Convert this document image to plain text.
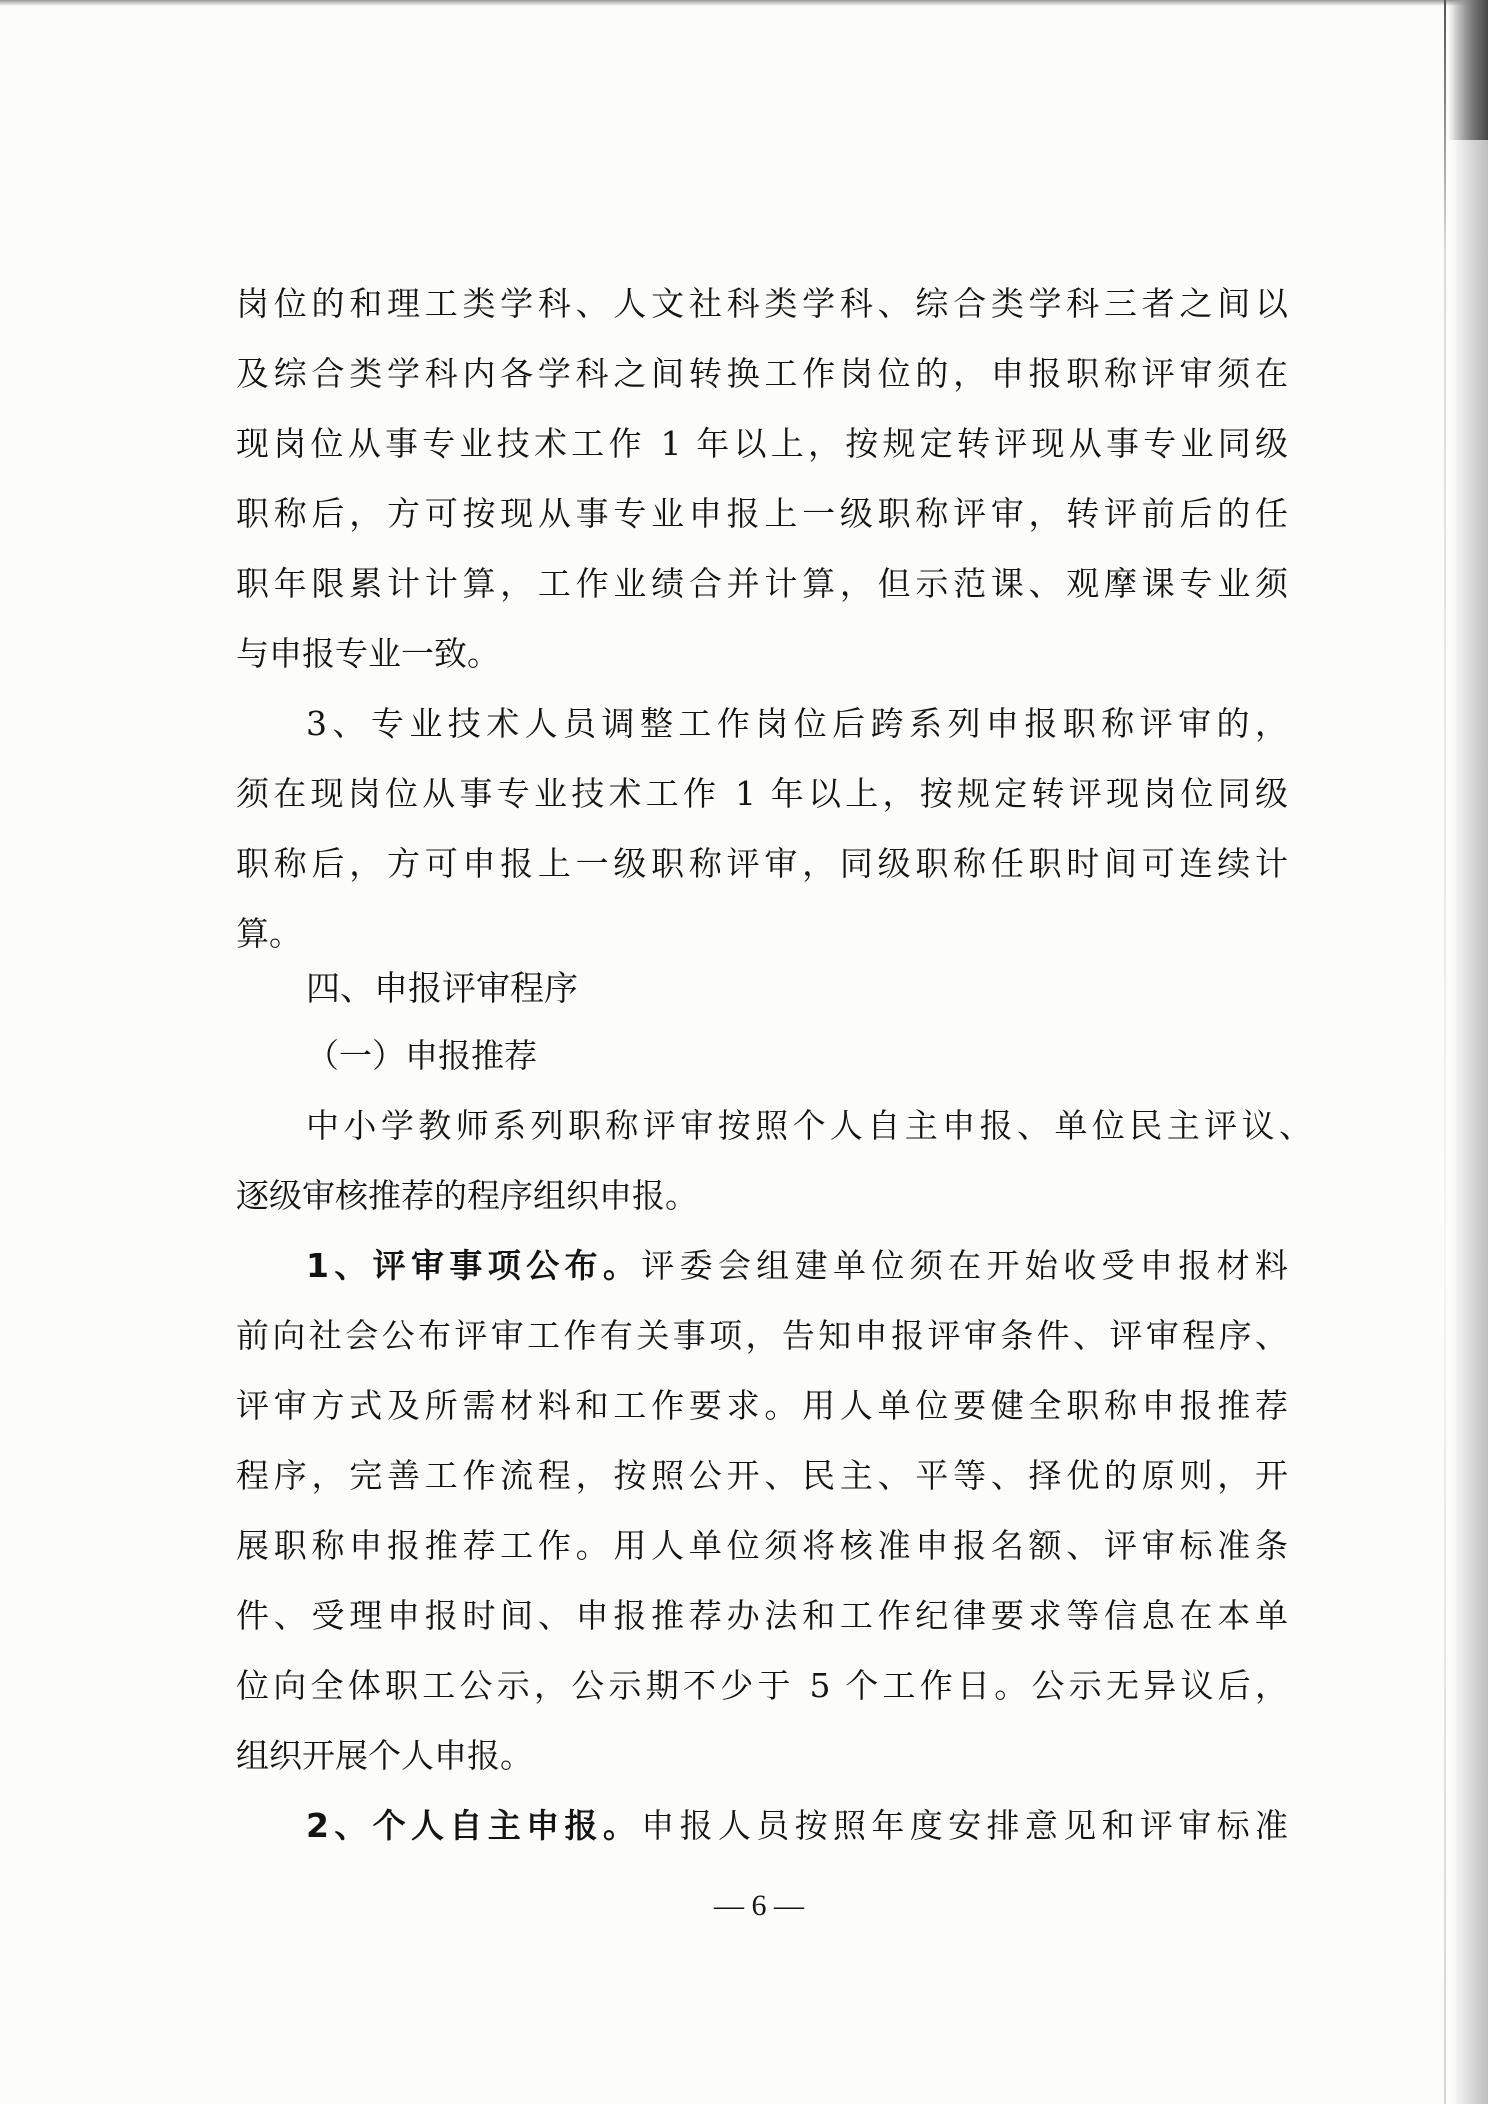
岗位的和理工类学科、人文社科类学科、综合类学科三者之间以
及综合类学科内各学科之间转换工作岗位的，申报职称评审须在
现岗位从事专业技术工作 1 年以上，按规定转评现从事专业同级
职称后，方可按现从事专业申报上一级职称评审，转评前后的任
职年限累计计算，工作业绩合并计算，但示范课、观摩课专业须
与申报专业一致。
3、专业技术人员调整工作岗位后跨系列申报职称评审的，
须在现岗位从事专业技术工作 1 年以上，按规定转评现岗位同级
职称后，方可申报上一级职称评审，同级职称任职时间可连续计
算。
四、申报评审程序
（一）申报推荐
中小学教师系列职称评审按照个人自主申报、单位民主评议、
逐级审核推荐的程序组织申报。
1、评审事项公布。评委会组建单位须在开始收受申报材料
前向社会公布评审工作有关事项，告知申报评审条件、评审程序、
评审方式及所需材料和工作要求。用人单位要健全职称申报推荐
程序，完善工作流程，按照公开、民主、平等、择优的原则，开
展职称申报推荐工作。用人单位须将核准申报名额、评审标准条
件、受理申报时间、申报推荐办法和工作纪律要求等信息在本单
位向全体职工公示，公示期不少于 5 个工作日。公示无异议后，
组织开展个人申报。
2、个人自主申报。申报人员按照年度安排意见和评审标准
— 6 —
